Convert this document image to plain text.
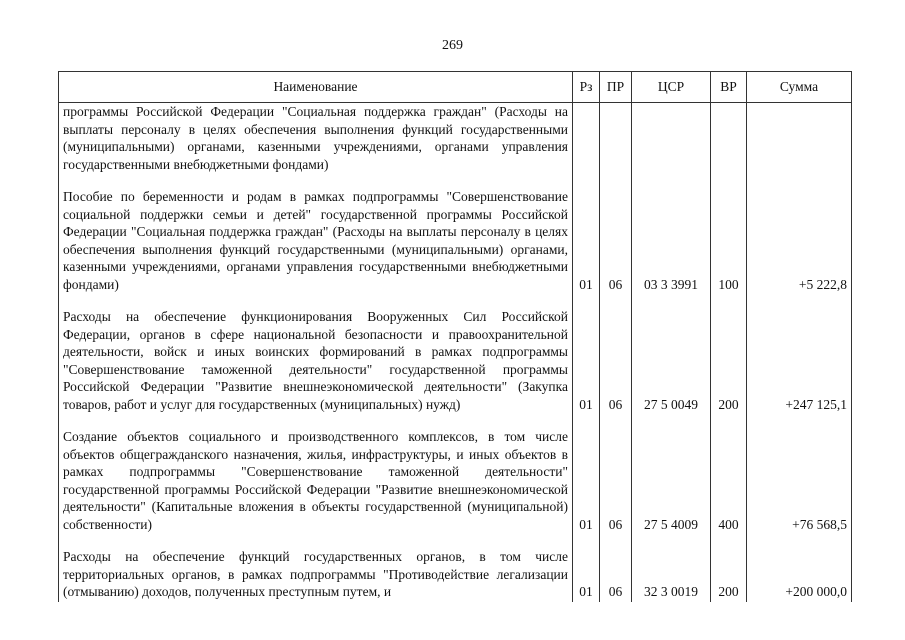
269
Наименование	Рз	ПР	ЦСР	ВР	Сумма
программы Российской Федерации "Социальная поддержка граждан" (Расходы на выплаты персоналу в целях обеспечения выполнения функций государственными (муниципальными) органами, казенными учреждениями, органами управления государственными внебюджетными фондами)					

Пособие по беременности и родам в рамках подпрограммы "Совершенствование социальной поддержки семьи и детей" государственной программы Российской Федерации "Социальная поддержка граждан" (Расходы на выплаты персоналу в целях обеспечения выполнения функций государственными (муниципальными) органами, казенными учреждениями, органами управления государственными внебюджетными фондами)	01	06	03 3 3991	100	+5 222,8

Расходы на обеспечение функционирования Вооруженных Сил Российской Федерации, органов в сфере национальной безопасности и правоохранительной деятельности, войск и иных воинских формирований в рамках подпрограммы "Совершенствование таможенной деятельности" государственной программы Российской Федерации "Развитие внешнеэкономической деятельности" (Закупка товаров, работ и услуг для государственных (муниципальных) нужд)	01	06	27 5 0049	200	+247 125,1

Создание объектов социального и производственного комплексов, в том числе объектов общегражданского назначения, жилья, инфраструктуры, и иных объектов в рамках подпрограммы "Совершенствование таможенной деятельности" государственной программы Российской Федерации "Развитие внешнеэкономической деятельности" (Капитальные вложения в объекты государственной (муниципальной) собственности)	01	06	27 5 4009	400	+76 568,5

Расходы на обеспечение функций государственных органов, в том числе территориальных органов, в рамках подпрограммы "Противодействие легализации (отмыванию) доходов, полученных преступным путем, и	01	06	32 3 0019	200	+200 000,0
